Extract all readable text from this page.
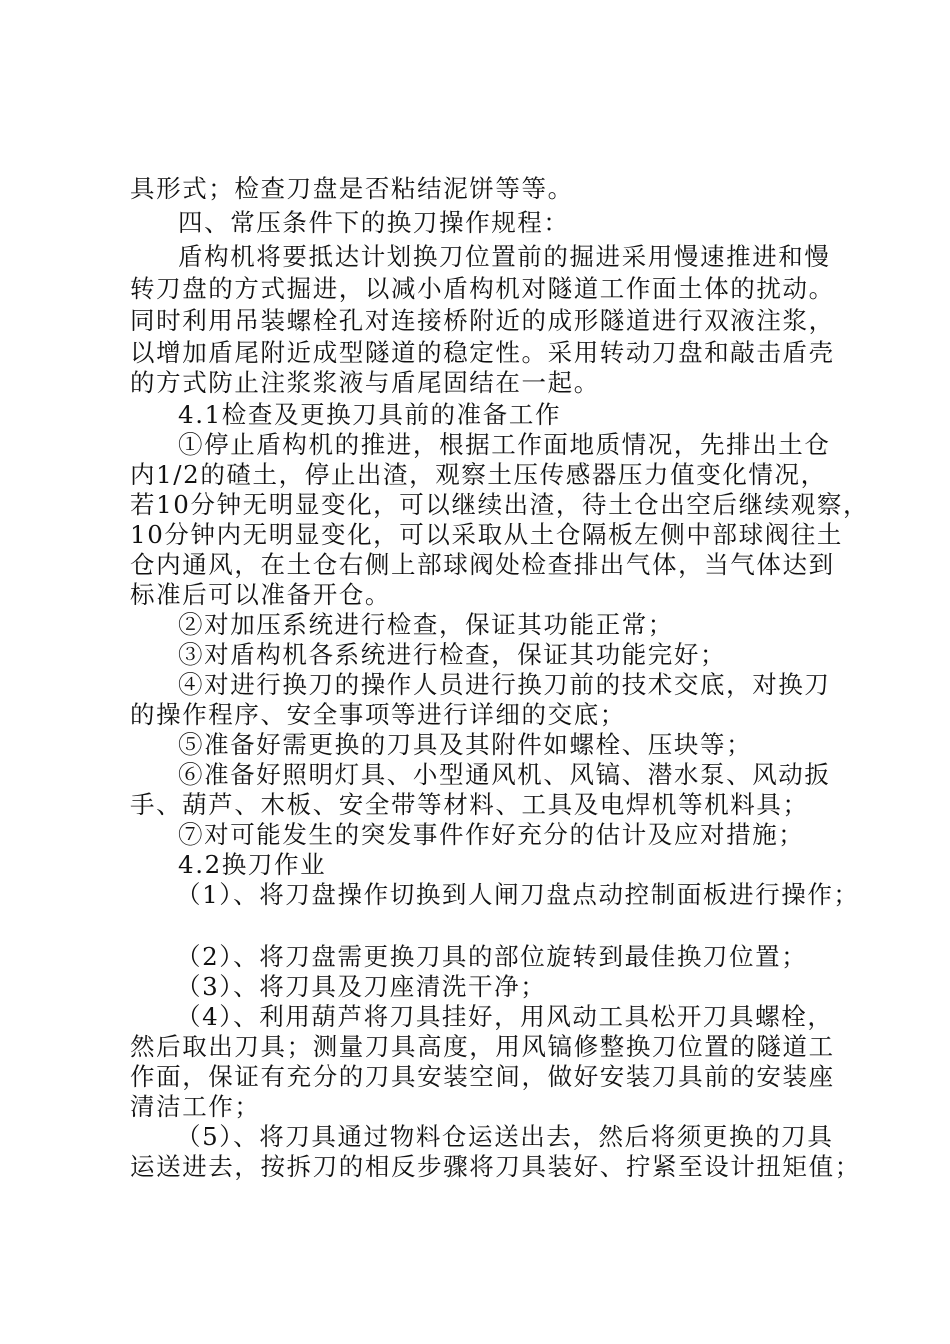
具形式；检查刀盘是否粘结泥饼等等。
四、常压条件下的换刀操作规程：
盾构机将要抵达计划换刀位置前的掘进采用慢速推进和慢
转刀盘的方式掘进，以减小盾构机对隧道工作面土体的扰动。
同时利用吊装螺栓孔对连接桥附近的成形隧道进行双液注浆，
以增加盾尾附近成型隧道的稳定性。采用转动刀盘和敲击盾壳
的方式防止注浆浆液与盾尾固结在一起。
4.1检查及更换刀具前的准备工作
①停止盾构机的推进，根据工作面地质情况，先排出土仓
内1/2的碴土，停止出渣，观察土压传感器压力值变化情况，
若10分钟无明显变化，可以继续出渣，待土仓出空后继续观察，
10分钟内无明显变化，可以采取从土仓隔板左侧中部球阀往土
仓内通风，在土仓右侧上部球阀处检查排出气体，当气体达到
标准后可以准备开仓。
②对加压系统进行检查，保证其功能正常；
③对盾构机各系统进行检查，保证其功能完好；
④对进行换刀的操作人员进行换刀前的技术交底，对换刀
的操作程序、安全事项等进行详细的交底；
⑤准备好需更换的刀具及其附件如螺栓、压块等；
⑥准备好照明灯具、小型通风机、风镐、潜水泵、风动扳
手、葫芦、木板、安全带等材料、工具及电焊机等机料具；
⑦对可能发生的突发事件作好充分的估计及应对措施；
4.2换刀作业
（1）、将刀盘操作切换到人闸刀盘点动控制面板进行操作；
（2）、将刀盘需更换刀具的部位旋转到最佳换刀位置；
（3）、将刀具及刀座清洗干净；
（4）、利用葫芦将刀具挂好，用风动工具松开刀具螺栓，
然后取出刀具；测量刀具高度，用风镐修整换刀位置的隧道工
作面，保证有充分的刀具安装空间，做好安装刀具前的安装座
清洁工作；
（5）、将刀具通过物料仓运送出去，然后将须更换的刀具
运送进去，按拆刀的相反步骤将刀具装好、拧紧至设计扭矩值；
